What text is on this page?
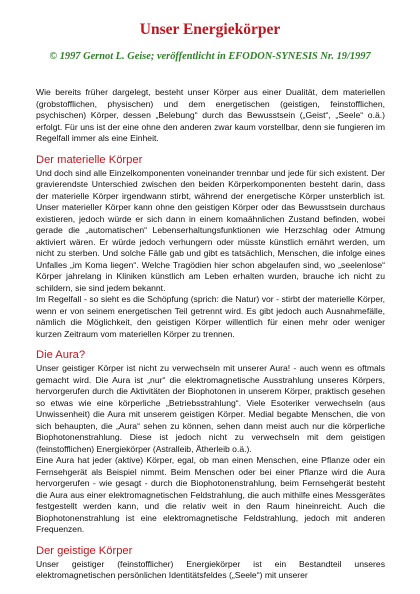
Unser Energiekörper
© 1997 Gernot L. Geise; veröffentlicht in EFODON-SYNESIS Nr. 19/1997

Wie bereits früher dargelegt, besteht unser Körper aus einer Dualität, dem materiellen (grobstofflichen, physischen) und dem energetischen (geistigen, feinstofflichen, psychischen) Körper, dessen „Belebung“ durch das Bewusstsein („Geist“, „Seele“ o.ä.) erfolgt. Für uns ist der eine ohne den anderen zwar kaum vorstellbar, denn sie fungieren im Regelfall immer als eine Einheit.

Der materielle Körper

Und doch sind alle Einzelkomponenten voneinander trennbar und jede für sich existent. Der gravierendste Unterschied zwischen den beiden Körperkomponenten besteht darin, dass der materielle Körper irgendwann stirbt, während der energetische Körper unsterblich ist. Unser materieller Körper kann ohne den geistigen Körper oder das Bewusstsein durchaus existieren, jedoch würde er sich dann in einem komaähnlichen Zustand befinden, wobei gerade die „automatischen“ Lebenserhaltungsfunktionen wie Herzschlag oder Atmung aktiviert wären. Er würde jedoch verhungern oder müsste künstlich ernährt werden, um nicht zu sterben. Und solche Fälle gab und gibt es tatsächlich, Menschen, die infolge eines Unfalles „im Koma liegen“. Welche Tragödien hier schon abgelaufen sind, wo „seelenlose“ Körper jahrelang in Kliniken künstlich am Leben erhalten wurden, brauche ich nicht zu schildern, sie sind jedem bekannt.

Im Regelfall - so sieht es die Schöpfung (sprich: die Natur) vor - stirbt der materielle Körper, wenn er von seinem energetischen Teil getrennt wird. Es gibt jedoch auch Ausnahmefälle, nämlich die Möglichkeit, den geistigen Körper willentlich für einen mehr oder weniger kurzen Zeitraum vom materiellen Körper zu trennen.

Die Aura?

Unser geistiger Körper ist nicht zu verwechseln mit unserer Aura! - auch wenn es oftmals gemacht wird. Die Aura ist „nur“ die elektromagnetische Ausstrahlung unseres Körpers, hervorgerufen durch die Aktivitäten der Biophotonen in unserem Körper, praktisch gesehen so etwas wie eine körperliche „Betriebsstrahlung“. Viele Esoteriker verwechseln (aus Unwissenheit) die Aura mit unserem geistigen Körper. Medial begabte Menschen, die von sich behaupten, die „Aura“ sehen zu können, sehen dann meist auch nur die körperliche Biophotonenstrahlung. Diese ist jedoch nicht zu verwechseln mit dem geistigen (feinstofflichen) Energiekörper (Astralleib, Ätherleib o.ä.).

Eine Aura hat jeder (aktive) Körper, egal, ob man einen Menschen, eine Pflanze oder ein Fernsehgerät als Beispiel nimmt. Beim Menschen oder bei einer Pflanze wird die Aura hervorgerufen - wie gesagt - durch die Biophotonenstrahlung, beim Fernsehgerät besteht die Aura aus einer elektromagnetischen Feldstrahlung, die auch mithilfe eines Messgerätes festgestellt werden kann, und die relativ weit in den Raum hineinreicht. Auch die Biophotonenstrahlung ist eine elektromagnetische Feldstrahlung, jedoch mit anderen Frequenzen.

Der geistige Körper

Unser geistiger (feinstofflicher) Energiekörper ist ein Bestandteil unseres elektromagnetischen persönlichen Identitätsfeldes („Seele“) mit unserer
